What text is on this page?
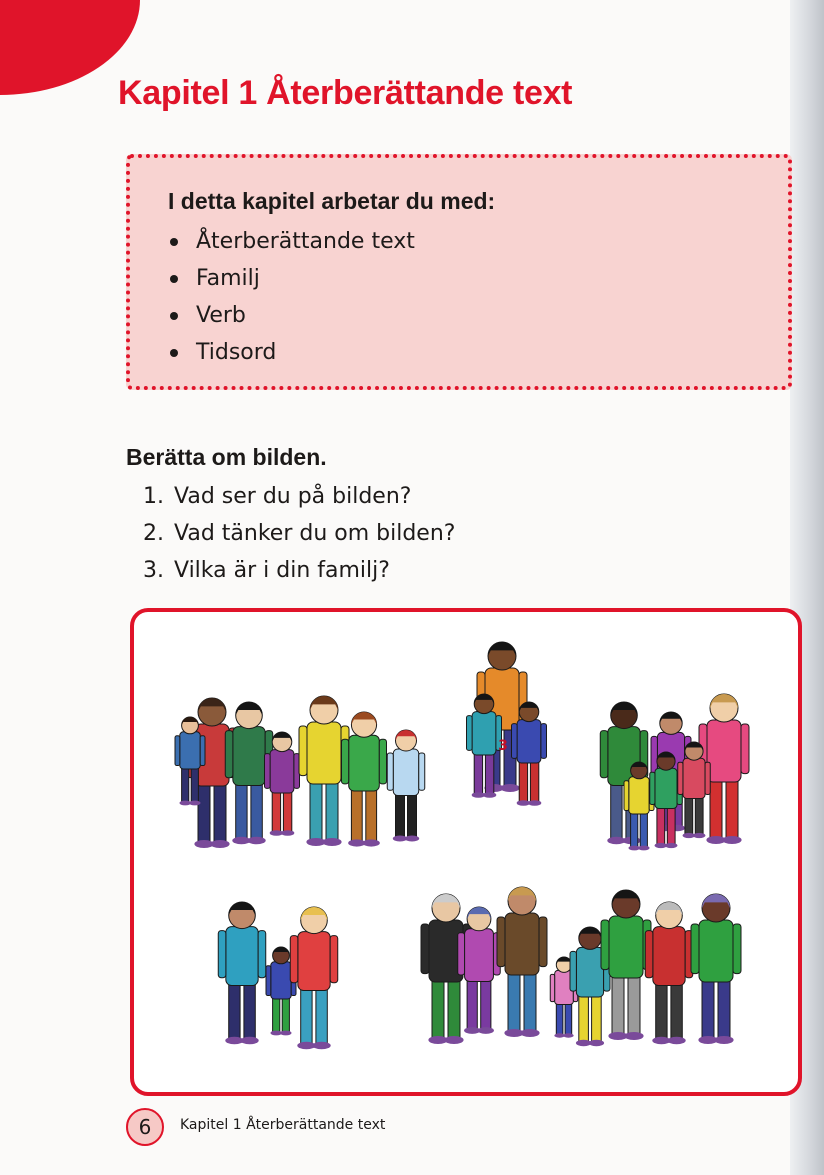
Kapitel 1 Återberättande text
I detta kapitel arbetar du med:
Återberättande text
Familj
Verb
Tidsord
Berätta om bilden.
1. Vad ser du på bilden?
2. Vad tänker du om bilden?
3. Vilka är i din familj?
3
6	Kapitel 1 Återberättande text
